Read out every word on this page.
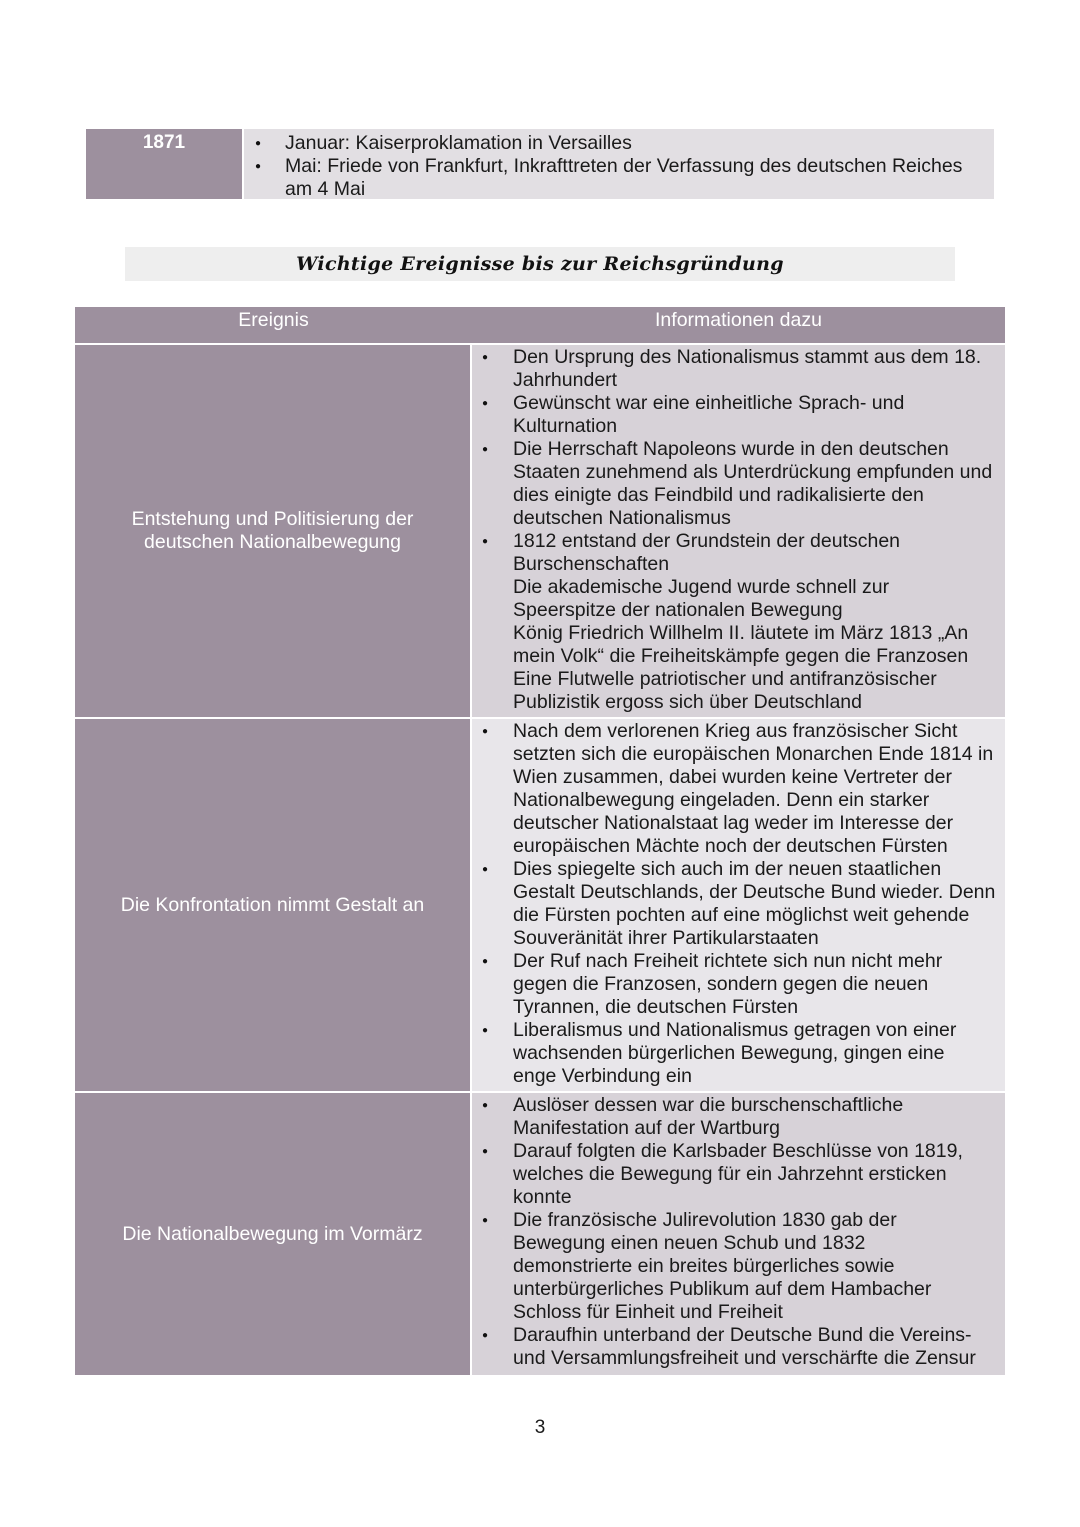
1871
●	Januar: Kaiserproklamation in Versailles
● Mai: Friede von Frankfurt, Inkrafttreten der Verfassung des deutschen Reiches am 4 Mai
Wichtige Ereignisse bis zur Reichsgründung
Ereignis	Informationen dazu
Entstehung und Politisierung der deutschen Nationalbewegung
● Den Ursprung des Nationalismus stammt aus dem 18. Jahrhundert
● Gewünscht war eine einheitliche Sprach- und Kulturnation
● Die Herrschaft Napoleons wurde in den deutschen Staaten zunehmend als Unterdrückung empfunden und dies einigte das Feindbild und radikalisierte den deutschen Nationalismus
● 1812 entstand der Grundstein der deutschen Burschenschaften
Die akademische Jugend wurde schnell zur Speerspitze der nationalen Bewegung
König Friedrich Willhelm II. läutete im März 1813 „An mein Volk“ die Freiheitskämpfe gegen die Franzosen
Eine Flutwelle patriotischer und antifranzösischer Publizistik ergoss sich über Deutschland
Die Konfrontation nimmt Gestalt an
● Nach dem verlorenen Krieg aus französischer Sicht setzten sich die europäischen Monarchen Ende 1814 in Wien zusammen, dabei wurden keine Vertreter der Nationalbewegung eingeladen. Denn ein starker deutscher Nationalstaat lag weder im Interesse der europäischen Mächte noch der deutschen Fürsten
● Dies spiegelte sich auch im der neuen staatlichen Gestalt Deutschlands, der Deutsche Bund wieder. Denn die Fürsten pochten auf eine möglichst weit gehende Souveränität ihrer Partikularstaaten
● Der Ruf nach Freiheit richtete sich nun nicht mehr gegen die Franzosen, sondern gegen die neuen Tyrannen, die deutschen Fürsten
● Liberalismus und Nationalismus getragen von einer wachsenden bürgerlichen Bewegung, gingen eine enge Verbindung ein
Die Nationalbewegung im Vormärz
● Auslöser dessen war die burschenschaftliche Manifestation auf der Wartburg
● Darauf folgten die Karlsbader Beschlüsse von 1819, welches die Bewegung für ein Jahrzehnt ersticken konnte
● Die französische Julirevolution 1830 gab der Bewegung einen neuen Schub und 1832 demonstrierte ein breites bürgerliches sowie unterbürgerliches Publikum auf dem Hambacher Schloss für Einheit und Freiheit
● Daraufhin unterband der Deutsche Bund die Vereins- und Versammlungsfreiheit und verschärfte die Zensur
3
